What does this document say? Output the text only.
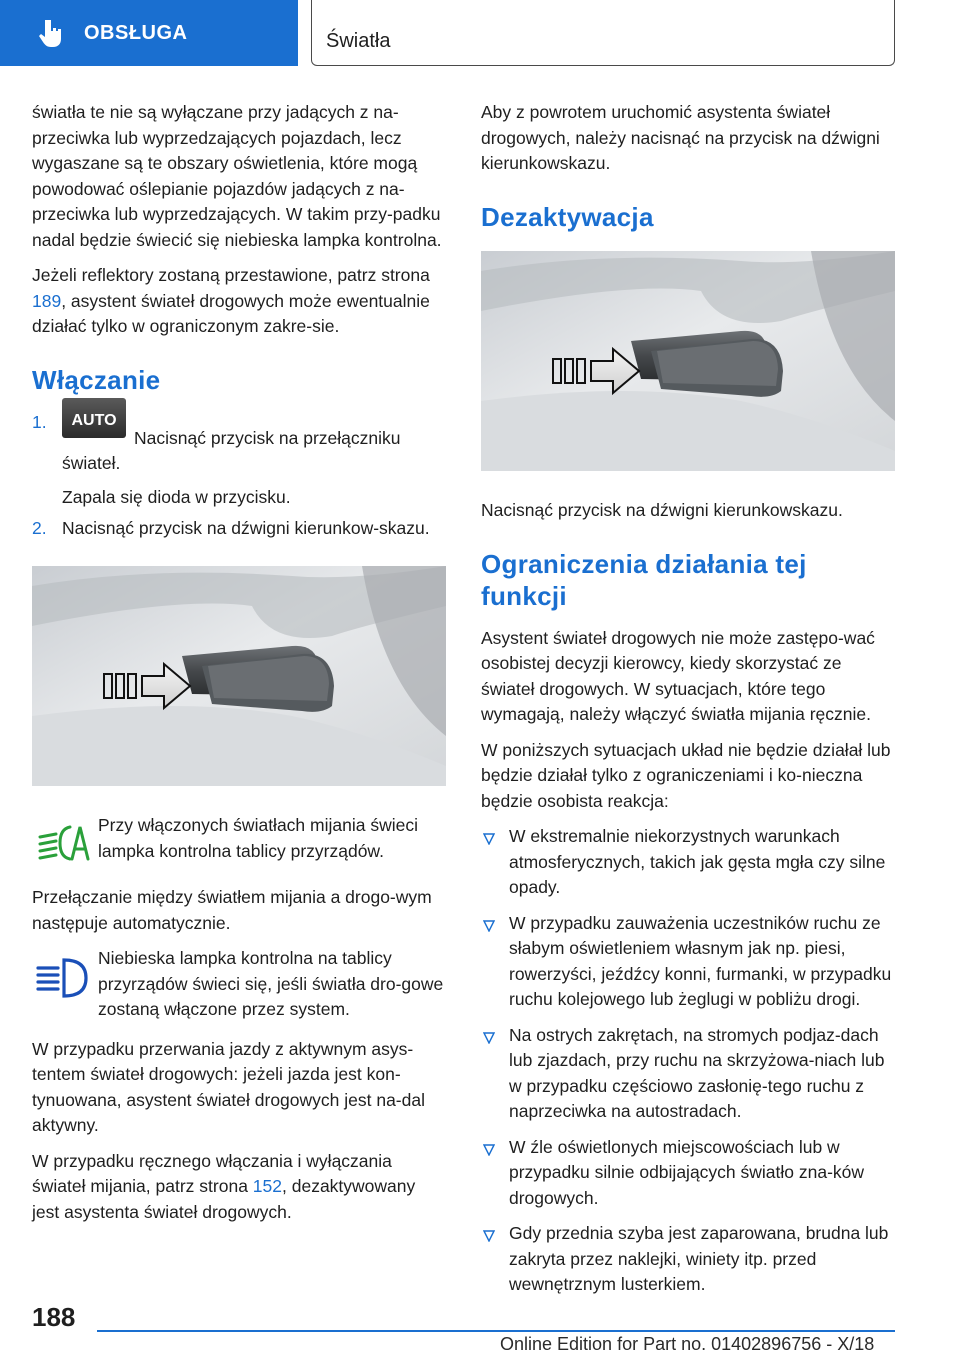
OBSŁUGA	Światła

światła te nie są wyłączane przy jadących z na-przeciwka lub wyprzedzających pojazdach, lecz wygaszane są te obszary oświetlenia, które mogą powodować oślepianie pojazdów jadących z na-przeciwka lub wyprzedzających. W takim przy-padku nadal będzie świecić się niebieska lampka kontrolna.

Jeżeli reflektory zostaną przestawione, patrz strona 189, asystent świateł drogowych może ewentualnie działać tylko w ograniczonym zakre-sie.

Włączanie
1.	AUTO
Nacisnąć przycisk na przełączniku świateł.
Zapala się dioda w przycisku.
2. Nacisnąć przycisk na dźwigni kierunkow-skazu.
Przy włączonych światłach mijania świeci lampka kontrolna tablicy przyrządów.

Przełączanie między światłem mijania a drogo-wym następuje automatycznie.

Niebieska lampka kontrolna na tablicy przyrządów świeci się, jeśli światła dro-gowe zostaną włączone przez system.

W przypadku przerwania jazdy z aktywnym asys-tentem świateł drogowych: jeżeli jazda jest kon-tynuowana, asystent świateł drogowych jest na-dal aktywny.

W przypadku ręcznego włączania i wyłączania świateł mijania, patrz strona 152, dezaktywowany jest asystenta świateł drogowych.

Aby z powrotem uruchomić asystenta świateł drogowych, należy nacisnąć na przycisk na dźwigni kierunkowskazu.

Dezaktywacja

Nacisnąć przycisk na dźwigni kierunkowskazu.

Ograniczenia działania tej funkcji

Asystent świateł drogowych nie może zastępo-wać osobistej decyzji kierowcy, kiedy skorzystać ze świateł drogowych. W sytuacjach, które tego wymagają, należy włączyć światła mijania ręcznie.

W poniższych sytuacjach układ nie będzie działał lub będzie działał tylko z ograniczeniami i ko-nieczna będzie osobista reakcja:

W ekstremalnie niekorzystnych warunkach atmosferycznych, takich jak gęsta mgła czy silne opady.
W przypadku zauważenia uczestników ruchu ze słabym oświetleniem własnym jak np. piesi, rowerzyści, jeźdźcy konni, furmanki, w przypadku ruchu kolejowego lub żeglugi w pobliżu drogi.
Na ostrych zakrętach, na stromych podjaz-dach lub zjazdach, przy ruchu na skrzyżowa-niach lub w przypadku częściowo zasłonię-tego ruchu z naprzeciwka na autostradach.
W źle oświetlonych miejscowościach lub w przypadku silnie odbijających światło zna-ków drogowych.
Gdy przednia szyba jest zaparowana, brudna lub zakryta przez naklejki, winiety itp. przed wewnętrznym lusterkiem.
188
Online Edition for Part no. 01402896756 - X/18
